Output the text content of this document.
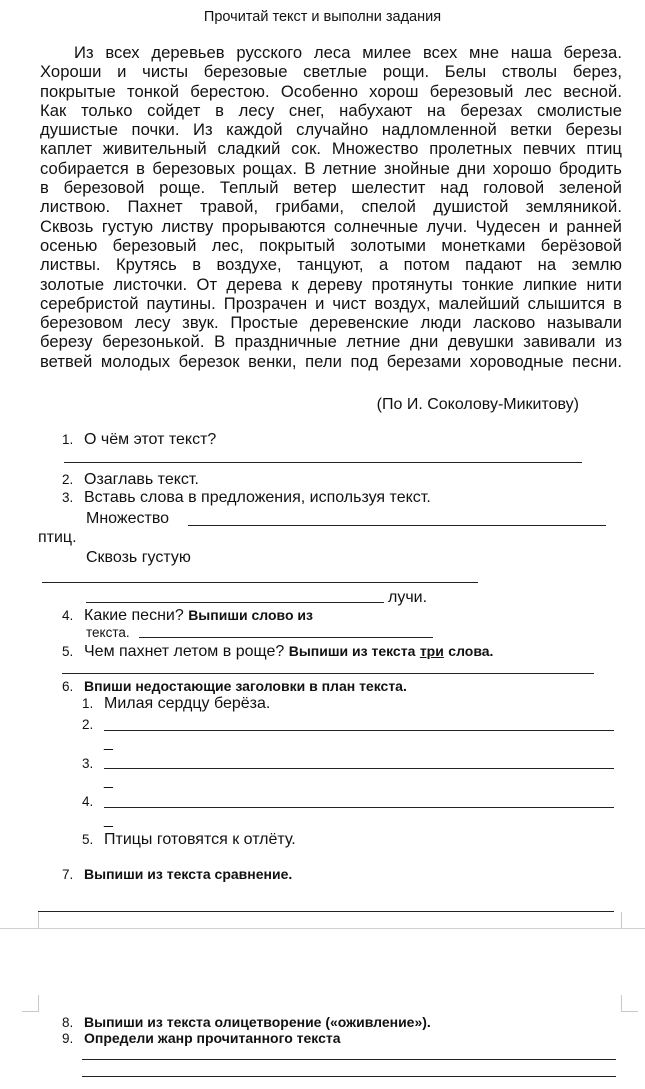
Прочитай текст и выполни задания
Из всех деревьев русского леса милее всех мне наша береза.
Хороши и чисты березовые светлые рощи. Белы стволы берез,
покрытые тонкой берестою. Особенно хорош березовый лес весной.
Как только сойдет в лесу снег, набухают на березах смолистые
душистые почки. Из каждой случайно надломленной ветки березы
каплет живительный сладкий сок. Множество пролетных певчих птиц
собирается в березовых рощах. В летние знойные дни хорошо бродить
в березовой роще. Теплый ветер шелестит над головой зеленой
листвою. Пахнет травой, грибами, спелой душистой земляникой.
Сквозь густую листву прорываются солнечные лучи. Чудесен и ранней
осенью березовый лес, покрытый золотыми монетками берёзовой
листвы. Крутясь в воздухе, танцуют, а потом падают на землю
золотые листочки. От дерева к дереву протянуты тонкие липкие нити
серебристой паутины. Прозрачен и чист воздух, малейший слышится в
березовом лесу звук. Простые деревенские люди ласково называли
березу березонькой. В праздничные летние дни девушки завивали из
ветвей молодых березок венки, пели под березами хороводные песни.
(По И. Соколову-Микитову)
1. О чём этот текст?
2. Озаглавь текст.
3. Вставь слова в предложения, используя текст.
Множество
птиц.
Сквозь густую
лучи.
4. Какие песни? Выпиши слово из
текста.
5. Чем пахнет летом в роще? Выпиши из текста три слова.
6. Впиши недостающие заголовки в план текста.
1. Милая сердцу берёза.
2.
_
3.
_
4.
_
5. Птицы готовятся к отлёту.
7. Выпиши из текста сравнение.
8. Выпиши из текста олицетворение («оживление»).
9. Определи жанр прочитанного текста
